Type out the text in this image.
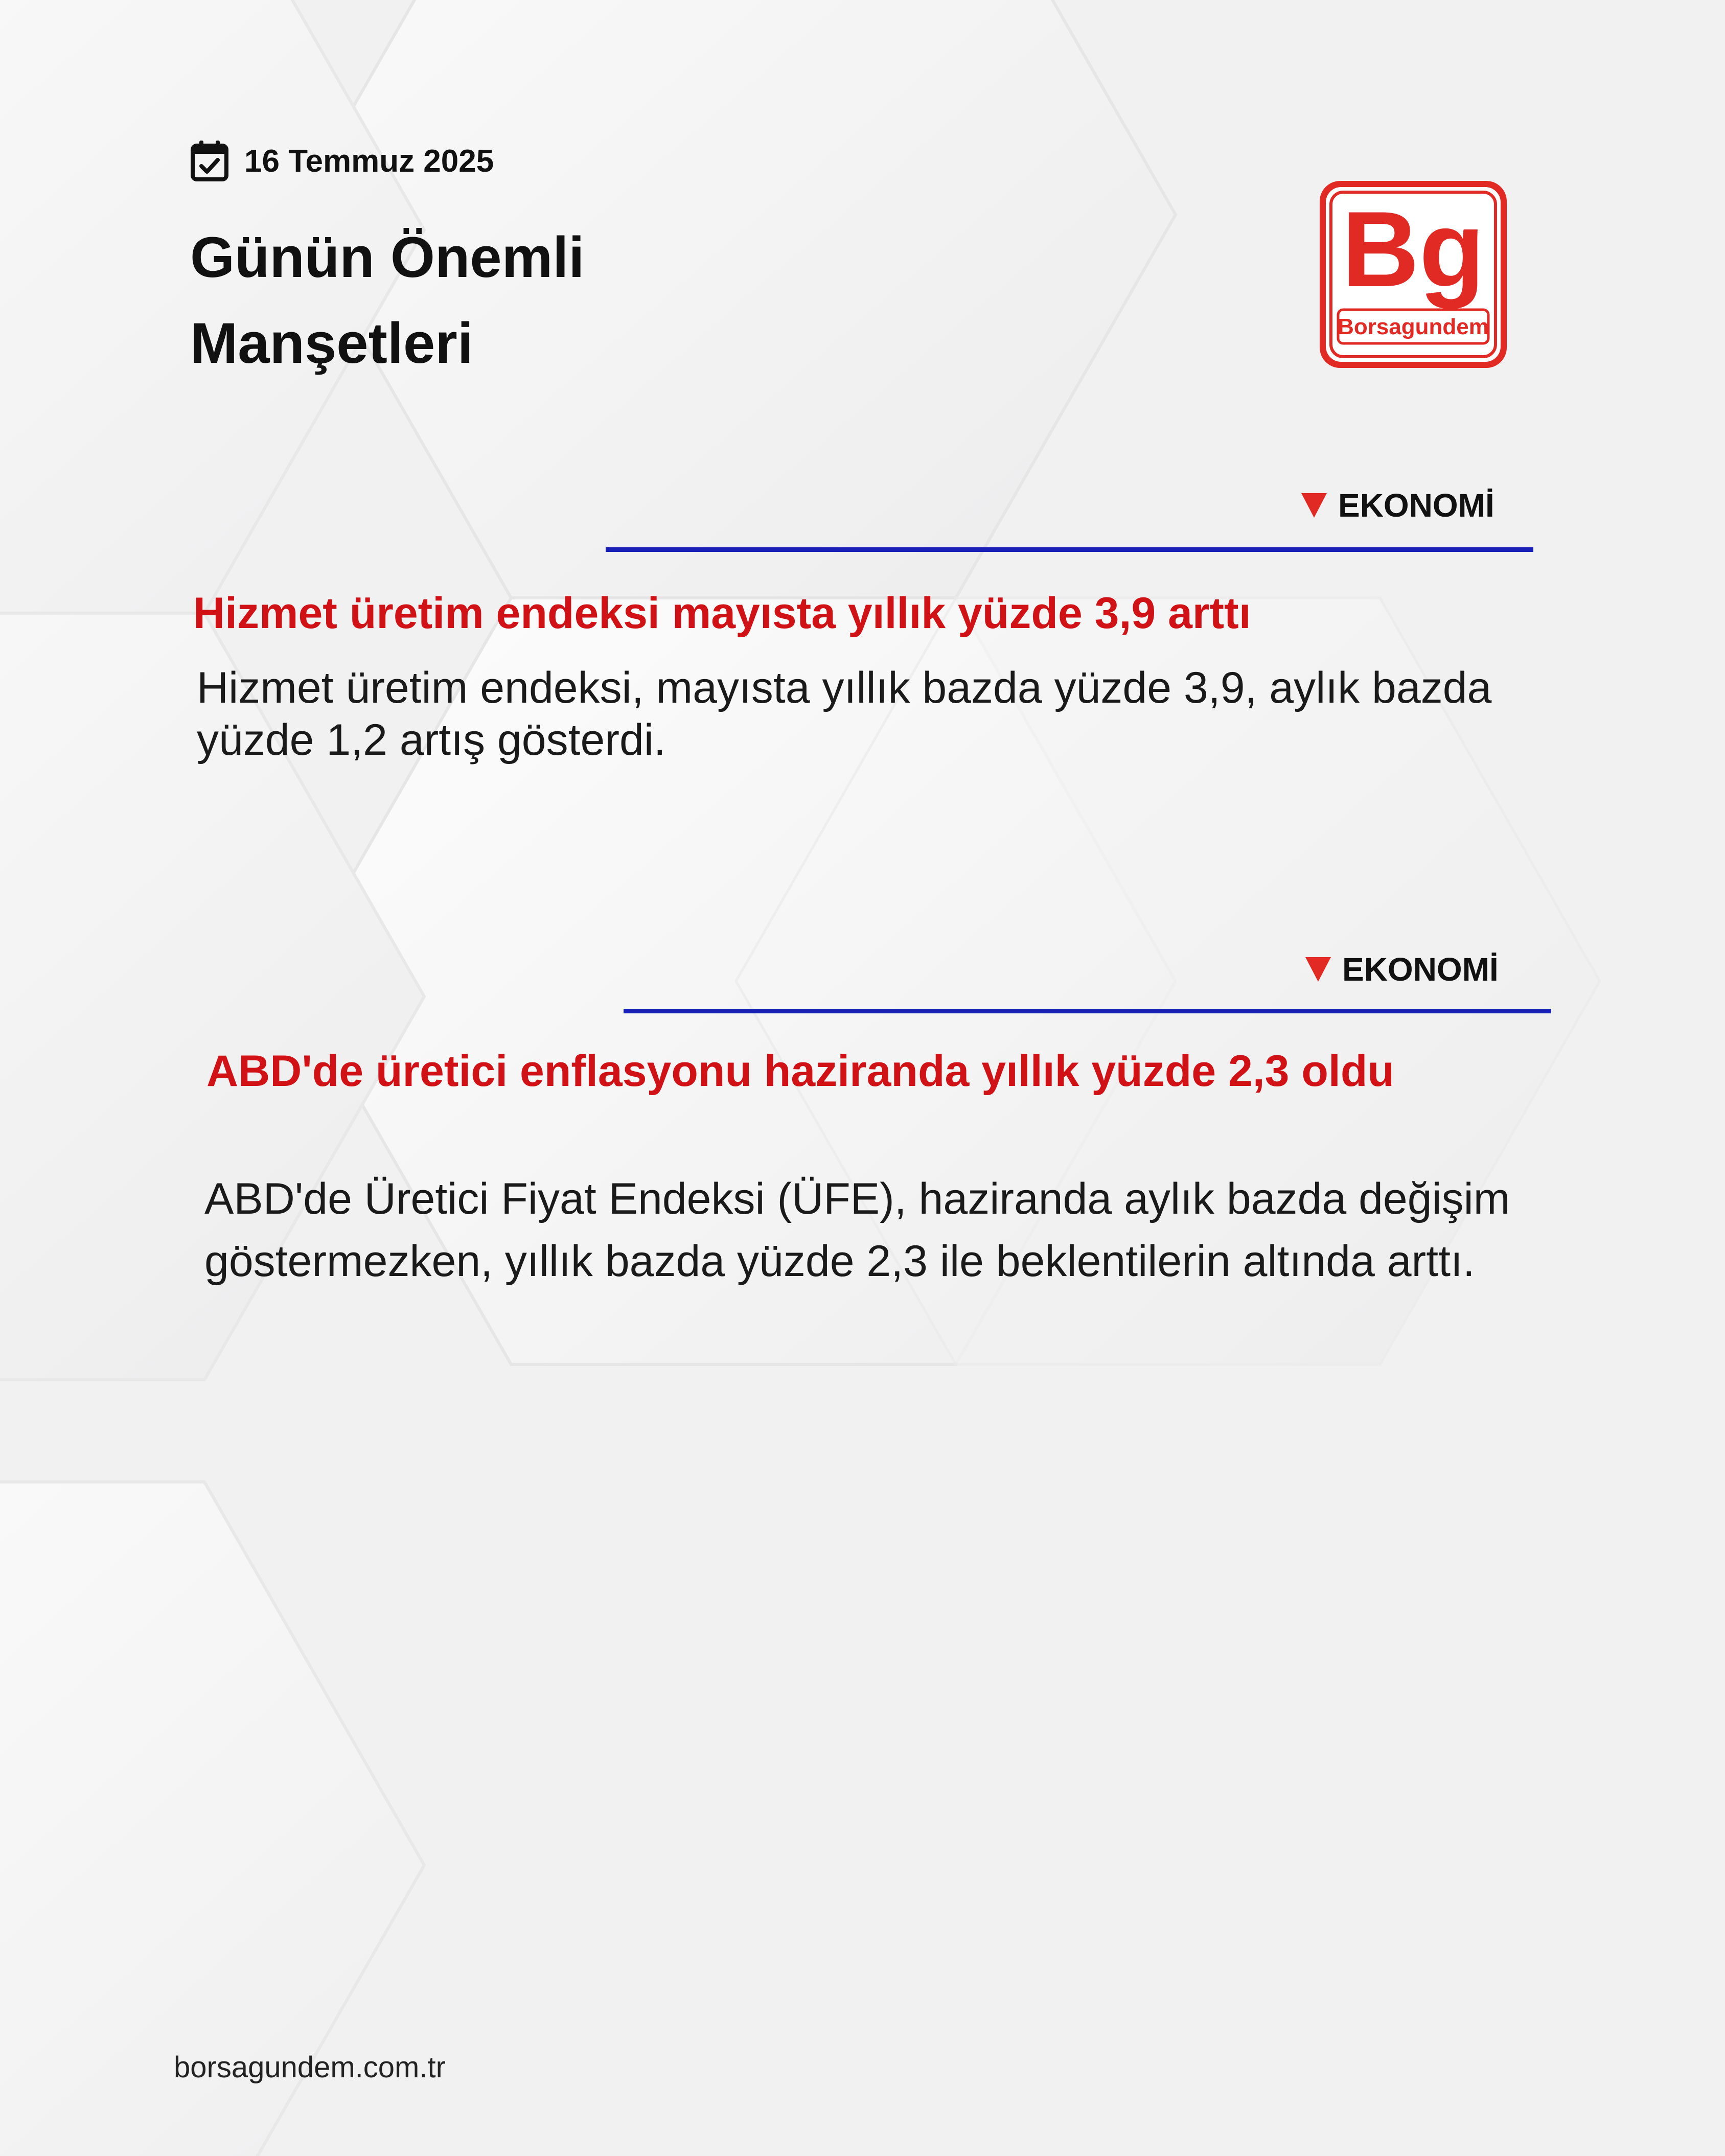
16 Temmuz 2025
Günün Önemli Manşetleri
Bg
Borsagundem
EKONOMİ
Hizmet üretim endeksi mayısta yıllık yüzde 3,9 arttı
Hizmet üretim endeksi, mayısta yıllık bazda yüzde 3,9, aylık bazda yüzde 1,2 artış gösterdi.
EKONOMİ
ABD'de üretici enflasyonu haziranda yıllık yüzde 2,3 oldu
ABD'de Üretici Fiyat Endeksi (ÜFE), haziranda aylık bazda değişim göstermezken, yıllık bazda yüzde 2,3 ile beklentilerin altında arttı.
borsagundem.com.tr
